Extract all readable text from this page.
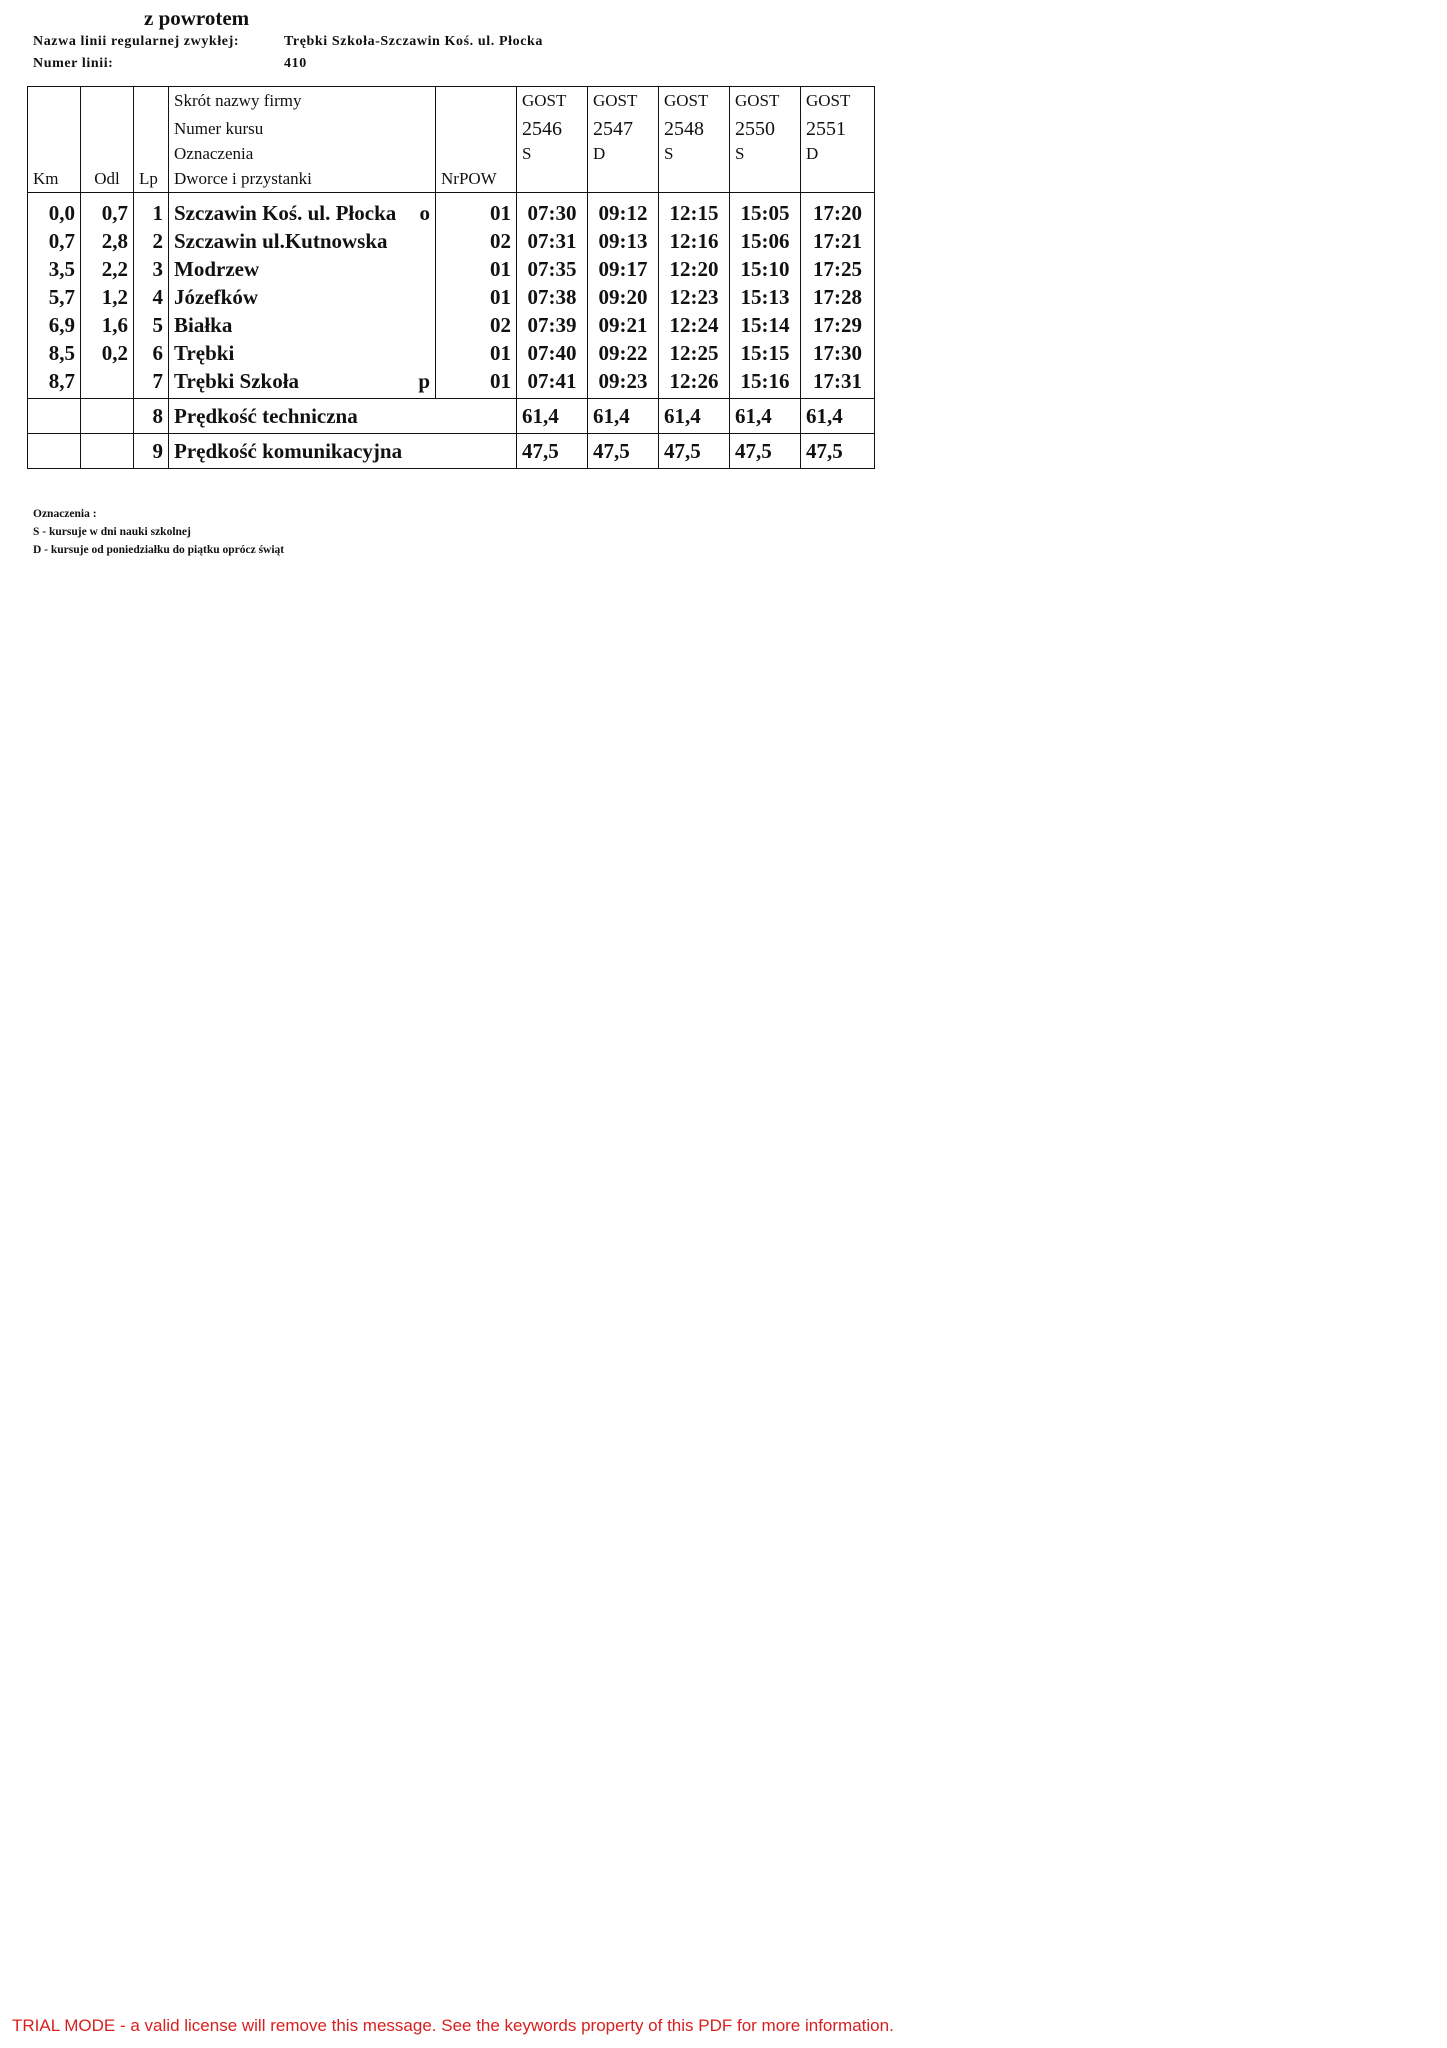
z powrotem
Nazwa linii regularnej zwykłej:	Trębki Szkoła-Szczawin Koś. ul. Płocka
Numer linii:	410
			Skrót nazwy firmy		GOST	GOST	GOST	GOST	GOST
			Numer kursu		2546	2547	2548	2550	2551
			Oznaczenia		S	D	S	S	D
Km	Odl	Lp	Dworce i przystanki	NrPOW					
0,0	0,7	1	Szczawin Koś. ul. Płocka o	01	07:30	09:12	12:15	15:05	17:20
0,7	2,8	2	Szczawin ul.Kutnowska	02	07:31	09:13	12:16	15:06	17:21
3,5	2,2	3	Modrzew	01	07:35	09:17	12:20	15:10	17:25
5,7	1,2	4	Józefków	01	07:38	09:20	12:23	15:13	17:28
6,9	1,6	5	Białka	02	07:39	09:21	12:24	15:14	17:29
8,5	0,2	6	Trębki	01	07:40	09:22	12:25	15:15	17:30
8,7		7	Trębki Szkoła p	01	07:41	09:23	12:26	15:16	17:31
		8	Prędkość techniczna		61,4	61,4	61,4	61,4	61,4
		9	Prędkość komunikacyjna		47,5	47,5	47,5	47,5	47,5
Oznaczenia :
S - kursuje w dni nauki szkolnej
D - kursuje od poniedziałku do piątku oprócz świąt
TRIAL MODE - a valid license will remove this message. See the keywords property of this PDF for more information.
